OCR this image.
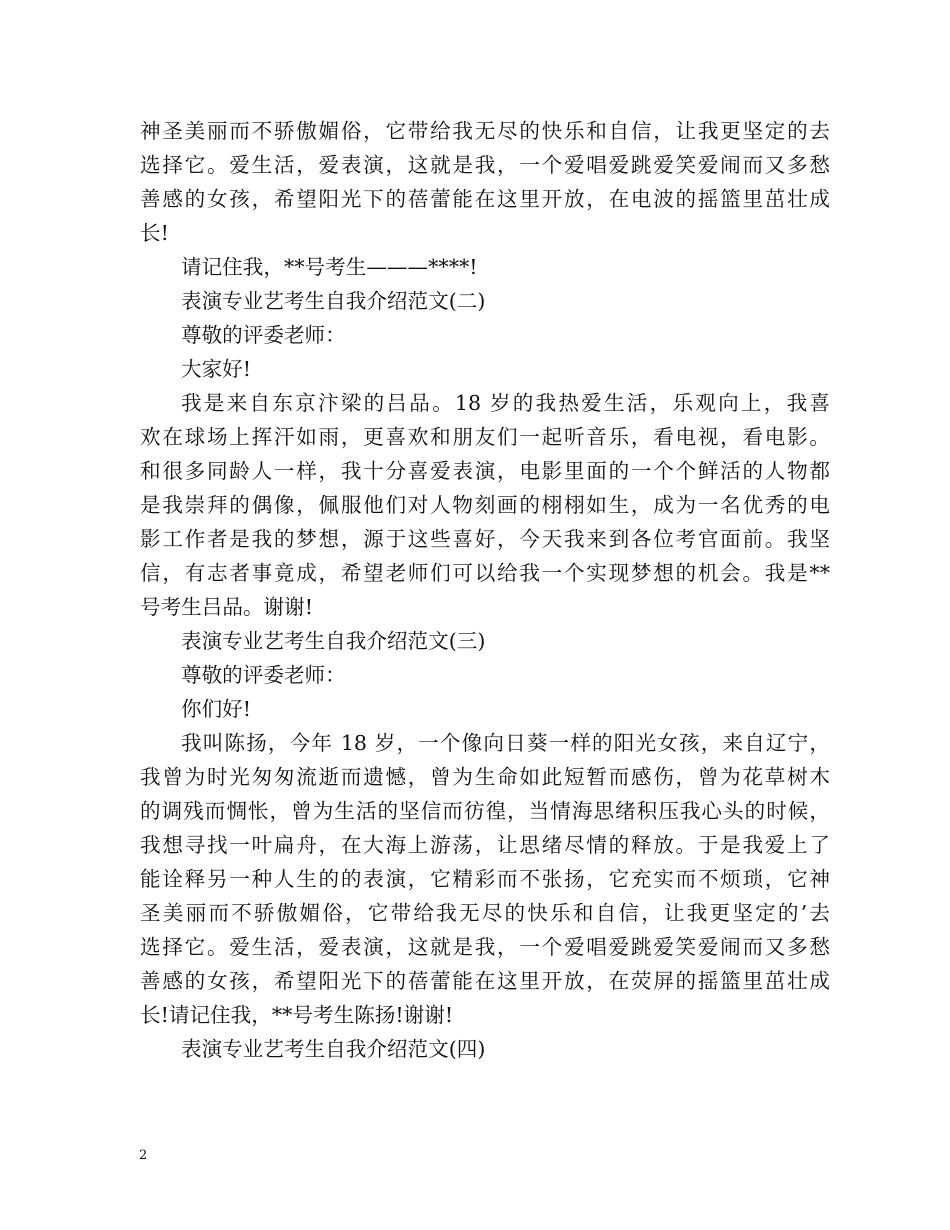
神圣美丽而不骄傲媚俗，它带给我无尽的快乐和自信，让我更坚定的去
选择它。爱生活，爱表演，这就是我，一个爱唱爱跳爱笑爱闹而又多愁
善感的女孩，希望阳光下的蓓蕾能在这里开放，在电波的摇篮里茁壮成
长!
请记住我，**号考生———****!
表演专业艺考生自我介绍范文(二)
尊敬的评委老师：
大家好!
我是来自东京汴梁的吕品。18 岁的我热爱生活，乐观向上，我喜
欢在球场上挥汗如雨，更喜欢和朋友们一起听音乐，看电视，看电影。
和很多同龄人一样，我十分喜爱表演，电影里面的一个个鲜活的人物都
是我崇拜的偶像，佩服他们对人物刻画的栩栩如生，成为一名优秀的电
影工作者是我的梦想，源于这些喜好，今天我来到各位考官面前。我坚
信，有志者事竟成，希望老师们可以给我一个实现梦想的机会。我是**
号考生吕品。谢谢!
表演专业艺考生自我介绍范文(三)
尊敬的评委老师：
你们好!
我叫陈扬，今年 18 岁，一个像向日葵一样的阳光女孩，来自辽宁，
我曾为时光匆匆流逝而遗憾，曾为生命如此短暂而感伤，曾为花草树木
的调残而惆怅，曾为生活的坚信而彷徨，当情海思绪积压我心头的时候，
我想寻找一叶扁舟，在大海上游荡，让思绪尽情的释放。于是我爱上了
能诠释另一种人生的的表演，它精彩而不张扬，它充实而不烦琐，它神
圣美丽而不骄傲媚俗，它带给我无尽的快乐和自信，让我更坚定的’去
选择它。爱生活，爱表演，这就是我，一个爱唱爱跳爱笑爱闹而又多愁
善感的女孩，希望阳光下的蓓蕾能在这里开放，在荧屏的摇篮里茁壮成
长!请记住我，**号考生陈扬!谢谢!
表演专业艺考生自我介绍范文(四)
2
